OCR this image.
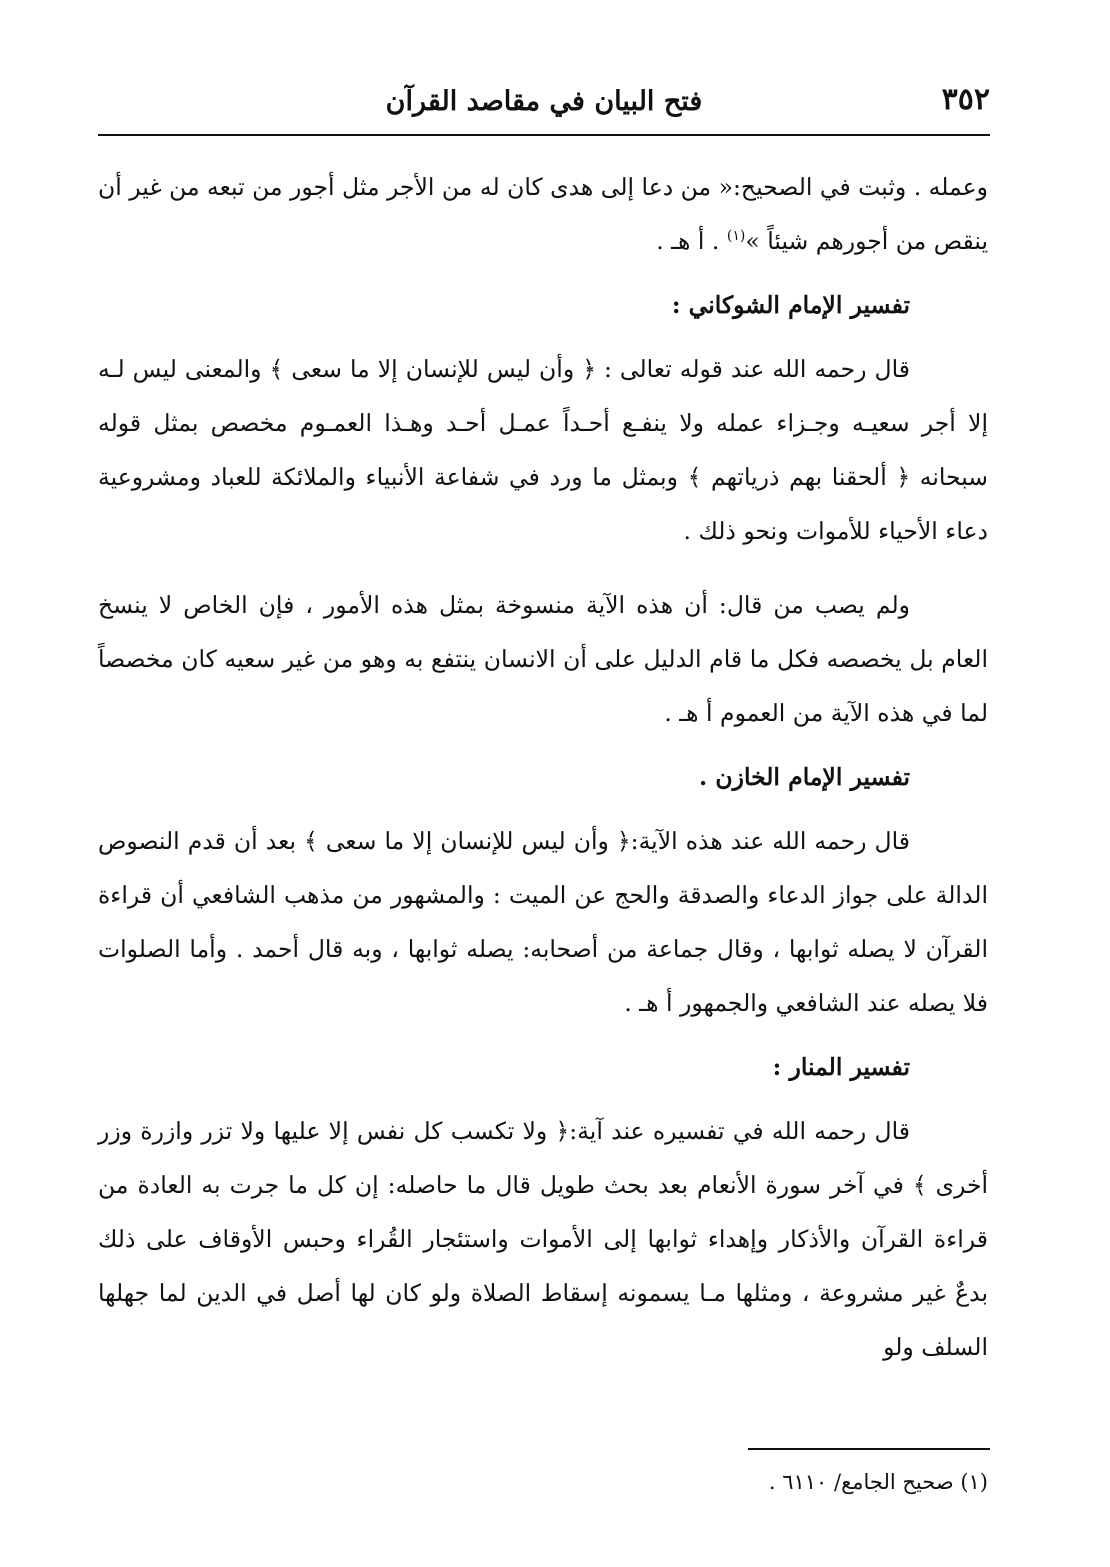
٣٥٢
فتح البيان في مقاصد القرآن

وعمله . وثبت في الصحيح:« من دعا إلى هدى كان له من الأجر مثل أجور من تبعه من غير أن ينقص من أجورهم شيئاً »$^{(١)}$ . أ هـ .

تفسير الإمام الشوكاني :

قال رحمه الله عند قوله تعالى : ﴿ وأن ليس للإنسان إلا ما سعى ﴾ والمعنى ليس لـه إلا أجر سعيـه وجـزاء عمله ولا ينفـع أحـداً عمـل أحـد وهـذا العمـوم مخصص بمثل قوله سبحانه ﴿ ألحقنا بهم ذرياتهم ﴾ وبمثل ما ورد في شفاعة الأنبياء والملائكة للعباد ومشروعية دعاء الأحياء للأموات ونحو ذلك .

ولم يصب من قال: أن هذه الآية منسوخة بمثل هذه الأمور ، فإن الخاص لا ينسخ العام بل يخصصه فكل ما قام الدليل على أن الانسان ينتفع به وهو من غير سعيه كان مخصصاً لما في هذه الآية من العموم أ هـ .

تفسير الإمام الخازن .

قال رحمه الله عند هذه الآية:﴿ وأن ليس للإنسان إلا ما سعى ﴾ بعد أن قدم النصوص الدالة على جواز الدعاء والصدقة والحج عن الميت : والمشهور من مذهب الشافعي أن قراءة القرآن لا يصله ثوابها ، وقال جماعة من أصحابه: يصله ثوابها ، وبه قال أحمد . وأما الصلوات فلا يصله عند الشافعي والجمهور أ هـ .

تفسير المنار :

قال رحمه الله في تفسيره عند آية:﴿ ولا تكسب كل نفس إلا عليها ولا تزر وازرة وزر أخرى ﴾ في آخر سورة الأنعام بعد بحث طويل قال ما حاصله: إن كل ما جرت به العادة من قراءة القرآن والأذكار وإهداء ثوابها إلى الأموات واستئجار القُراء وحبس الأوقاف على ذلك بدعٌ غير مشروعة ، ومثلها مـا يسمونه إسقاط الصلاة ولو كان لها أصل في الدين لما جهلها السلف ولو

(١) صحيح الجامع/ ٦١١٠ .
